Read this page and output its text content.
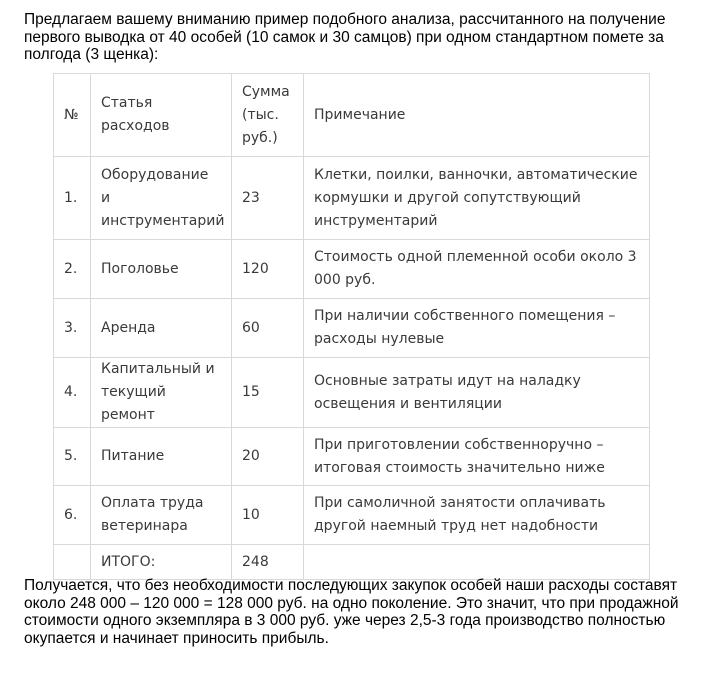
Предлагаем вашему вниманию пример подобного анализа, рассчитанного на получение первого выводка от 40 особей (10 самок и 30 самцов) при одном стандартном помете за полгода (3 щенка):

№	Статья расходов	Сумма (тыс. руб.)	Примечание
1.	Оборудование и инструментарий	23	Клетки, поилки, ванночки, автоматические кормушки и другой сопутствующий инструментарий
2.	Поголовье	120	Стоимость одной племенной особи около 3 000 руб.
3.	Аренда	60	При наличии собственного помещения – расходы нулевые
4.	Капитальный и текущий ремонт	15	Основные затраты идут на наладку освещения и вентиляции
5.	Питание	20	При приготовлении собственноручно – итоговая стоимость значительно ниже
6.	Оплата труда ветеринара	10	При самоличной занятости оплачивать другой наемный труд нет надобности
	ИТОГО:	248	

Получается, что без необходимости последующих закупок особей наши расходы составят около 248 000 – 120 000 = 128 000 руб. на одно поколение. Это значит, что при продажной стоимости одного экземпляра в 3 000 руб. уже через 2,5-3 года производство полностью окупается и начинает приносить прибыль.
